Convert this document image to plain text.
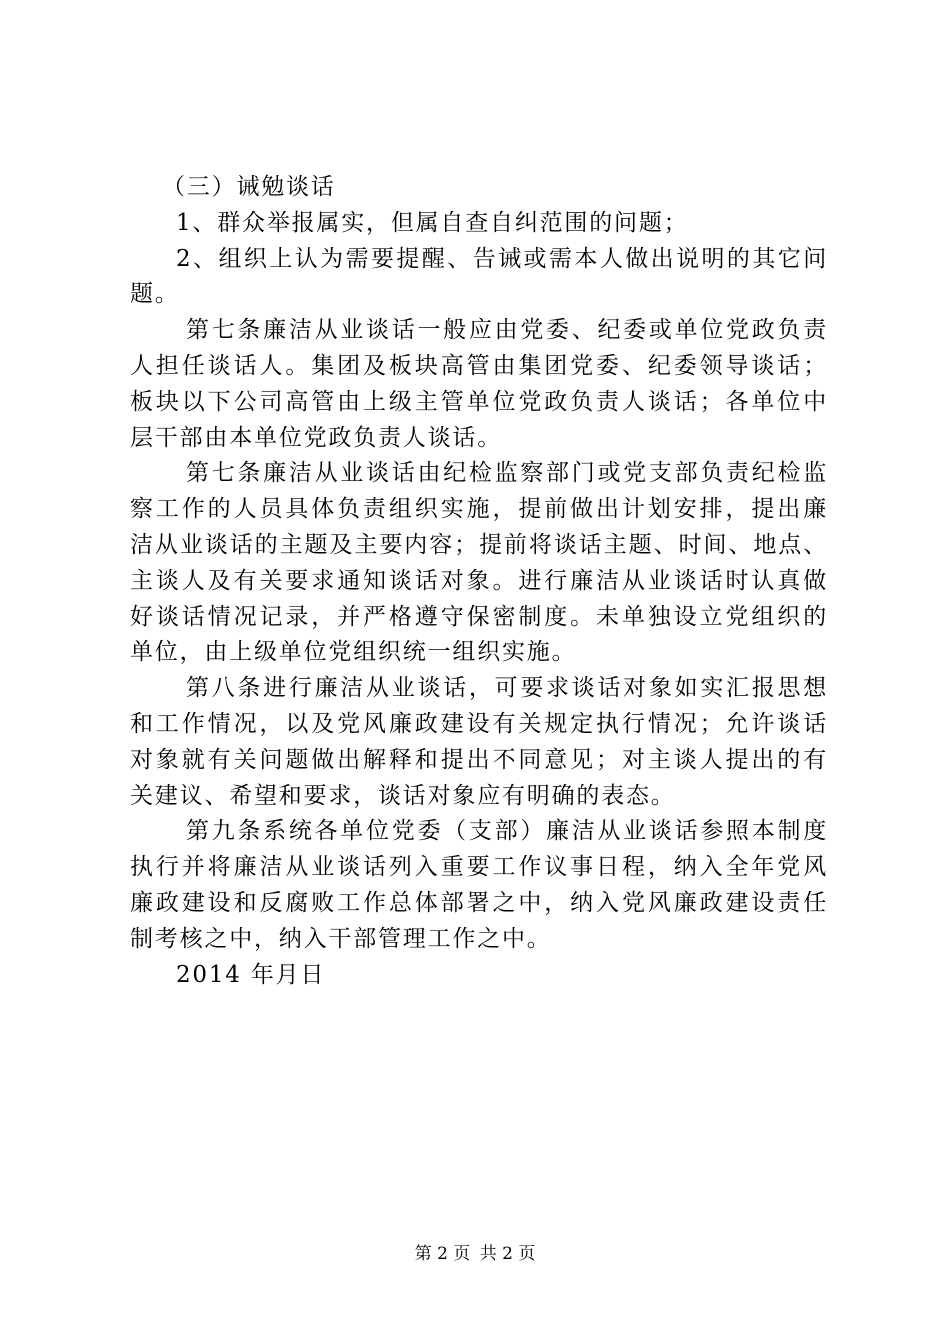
（三）诫勉谈话
1、群众举报属实，但属自查自纠范围的问题；
2、组织上认为需要提醒、告诫或需本人做出说明的其它问
题。
第七条廉洁从业谈话一般应由党委、纪委或单位党政负责
人担任谈话人。集团及板块高管由集团党委、纪委领导谈话；
板块以下公司高管由上级主管单位党政负责人谈话；各单位中
层干部由本单位党政负责人谈话。
第七条廉洁从业谈话由纪检监察部门或党支部负责纪检监
察工作的人员具体负责组织实施，提前做出计划安排，提出廉
洁从业谈话的主题及主要内容；提前将谈话主题、时间、地点、
主谈人及有关要求通知谈话对象。进行廉洁从业谈话时认真做
好谈话情况记录，并严格遵守保密制度。未单独设立党组织的
单位，由上级单位党组织统一组织实施。
第八条进行廉洁从业谈话，可要求谈话对象如实汇报思想
和工作情况，以及党风廉政建设有关规定执行情况；允许谈话
对象就有关问题做出解释和提出不同意见；对主谈人提出的有
关建议、希望和要求，谈话对象应有明确的表态。
第九条系统各单位党委（支部）廉洁从业谈话参照本制度
执行并将廉洁从业谈话列入重要工作议事日程，纳入全年党风
廉政建设和反腐败工作总体部署之中，纳入党风廉政建设责任
制考核之中，纳入干部管理工作之中。
2014 年月日
第 2 页 共 2 页
